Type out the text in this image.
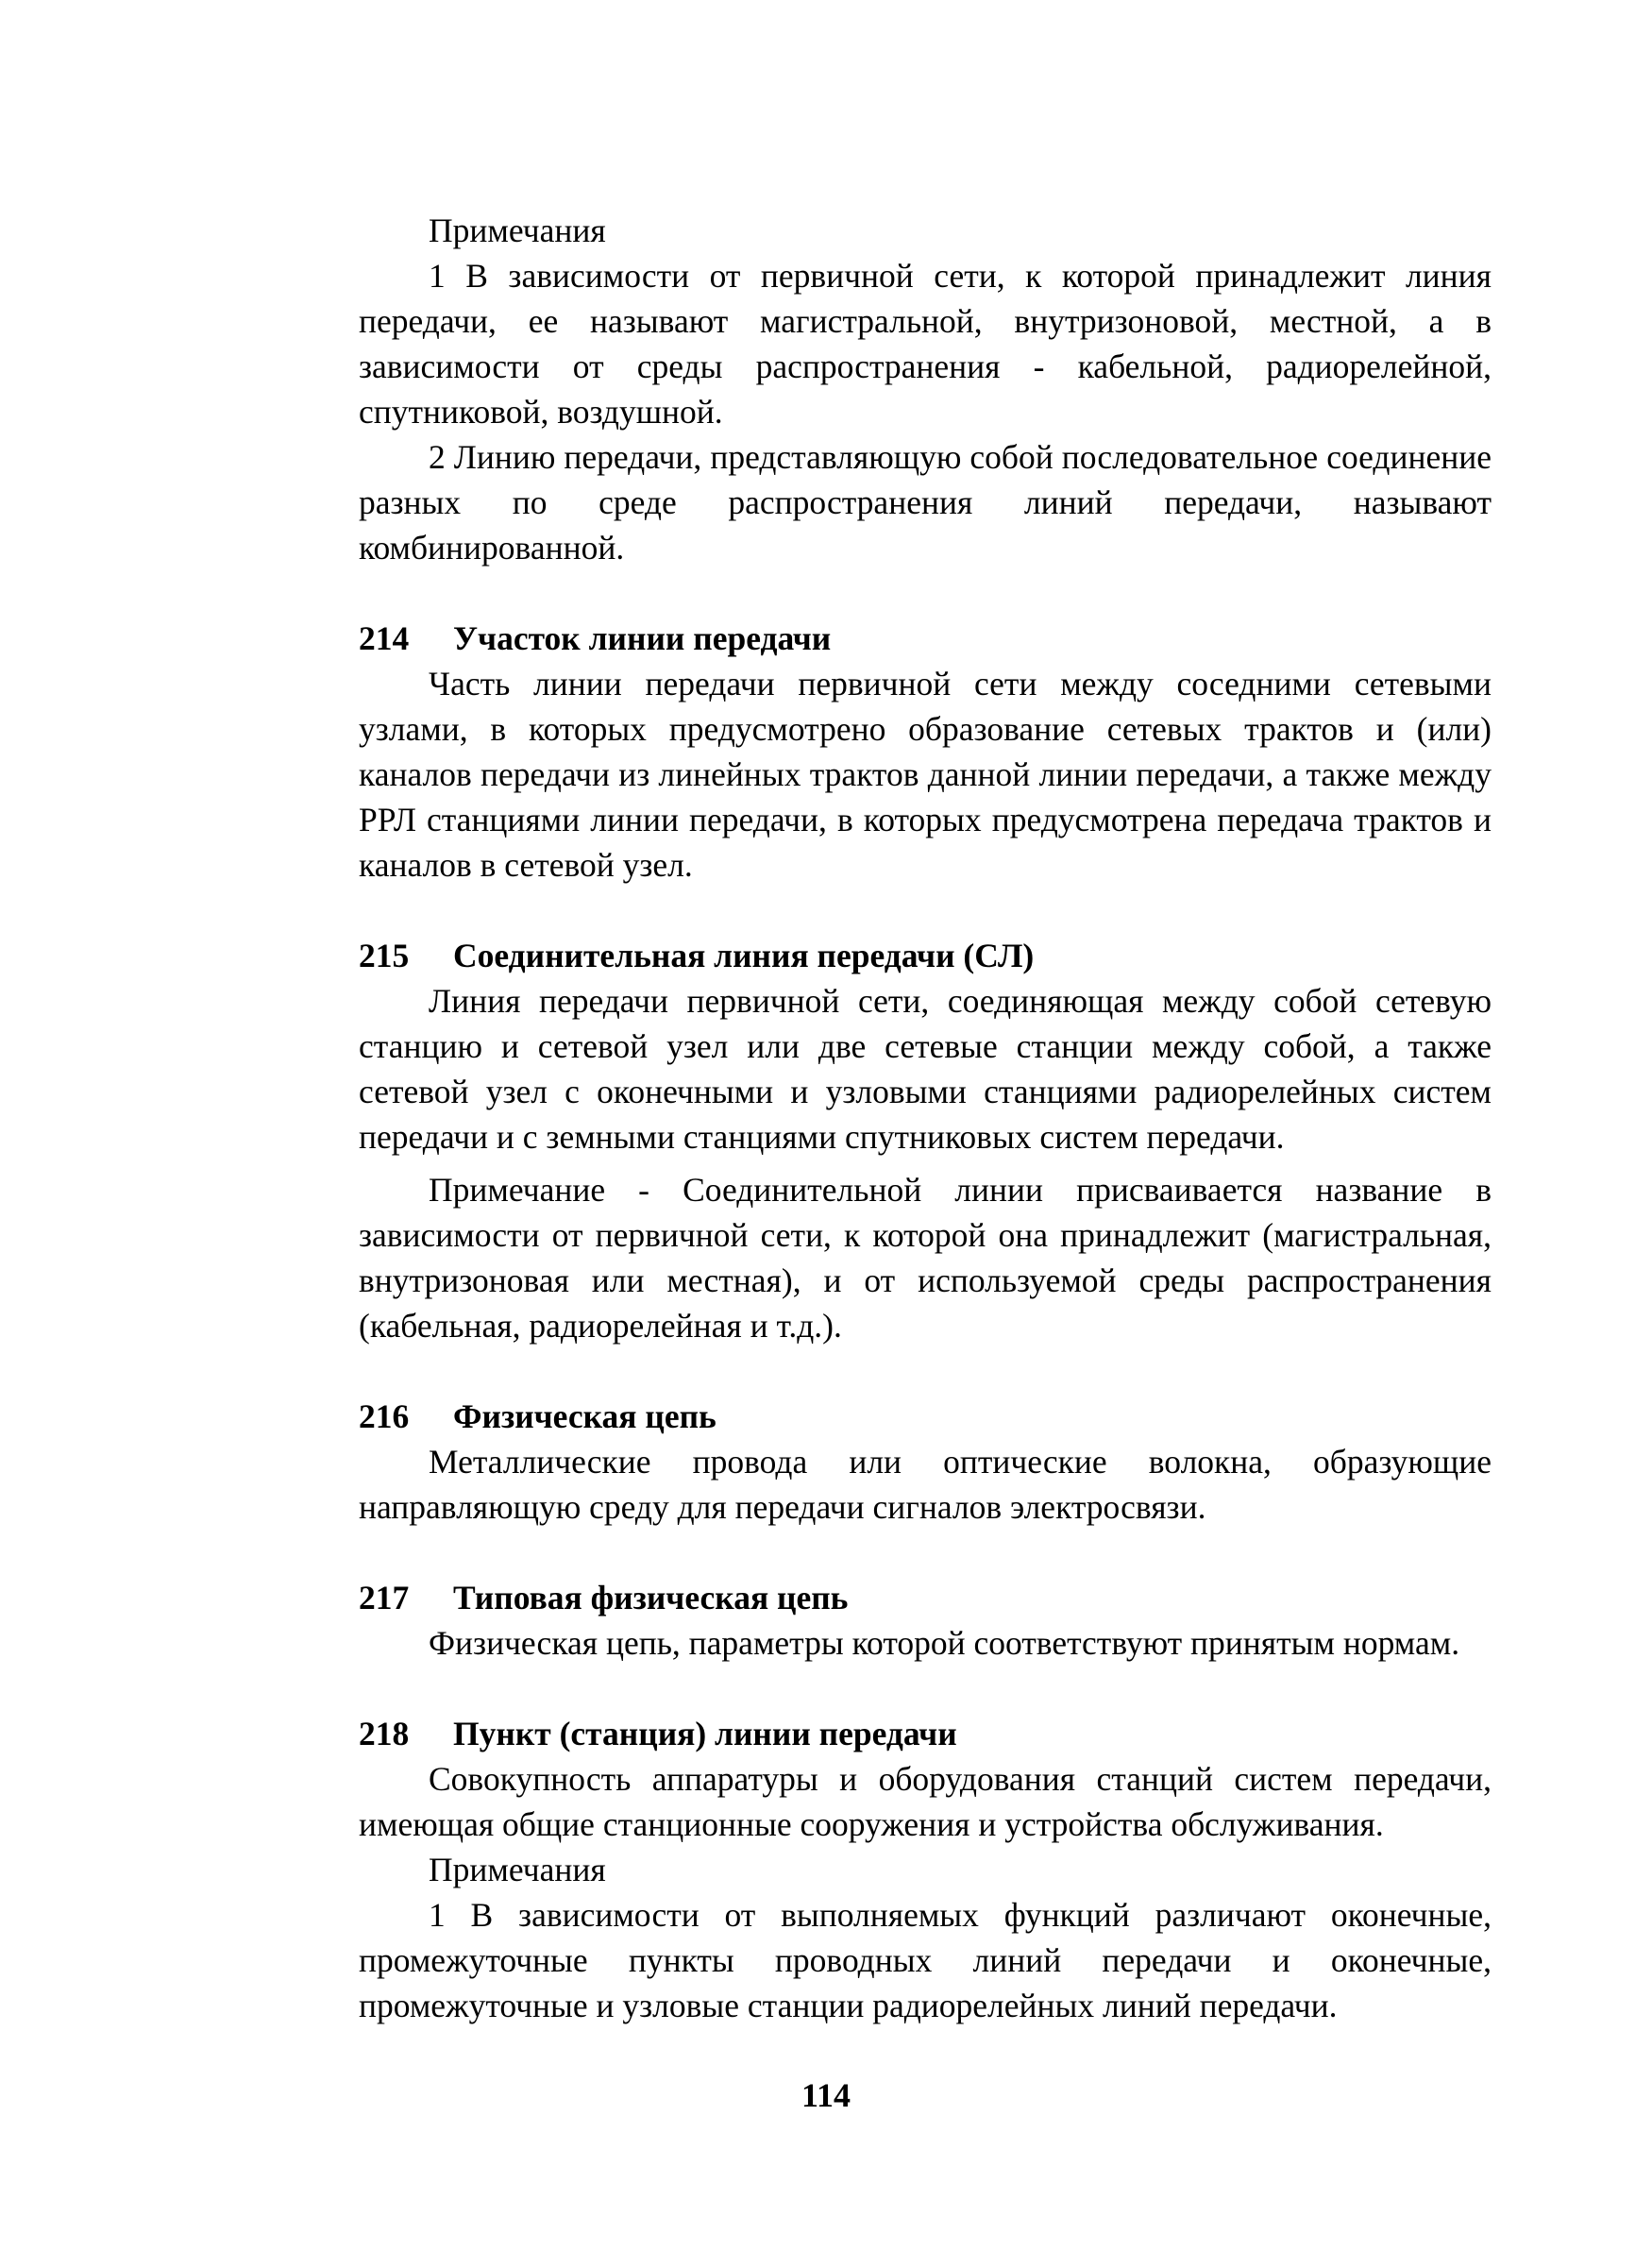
Примечания

1 В зависимости от первичной сети, к которой принадлежит линия передачи, ее называют магистральной, внутризоновой, местной, а в зависимости от среды распространения - кабельной, радиорелейной, спутниковой, воздушной.

2 Линию передачи, представляющую собой последовательное соединение разных по среде распространения линий передачи, называют комбинированной.

214 Участок линии передачи

Часть линии передачи первичной сети между соседними сетевыми узлами, в которых предусмотрено образование сетевых трактов и (или) каналов передачи из линейных трактов данной линии передачи, а также между РРЛ станциями линии передачи, в которых предусмотрена передача трактов и каналов в сетевой узел.

215 Соединительная линия передачи (СЛ)

Линия передачи первичной сети, соединяющая между собой сетевую станцию и сетевой узел или две сетевые станции между собой, а также сетевой узел с оконечными и узловыми станциями радиорелейных систем передачи и с земными станциями спутниковых систем передачи.

Примечание - Соединительной линии присваивается название в зависимости от первичной сети, к которой она принадлежит (магистральная, внутризоновая или местная), и от используемой среды распространения (кабельная, радиорелейная и т.д.).

216 Физическая цепь

Металлические провода или оптические волокна, образующие направляющую среду для передачи сигналов электросвязи.

217 Типовая физическая цепь

Физическая цепь, параметры которой соответствуют принятым нормам.

218 Пункт (станция) линии передачи

Совокупность аппаратуры и оборудования станций систем передачи, имеющая общие станционные сооружения и устройства обслуживания.

Примечания

1 В зависимости от выполняемых функций различают оконечные, промежуточные пункты проводных линий передачи и оконечные, промежуточные и узловые станции радиорелейных линий передачи.

114
